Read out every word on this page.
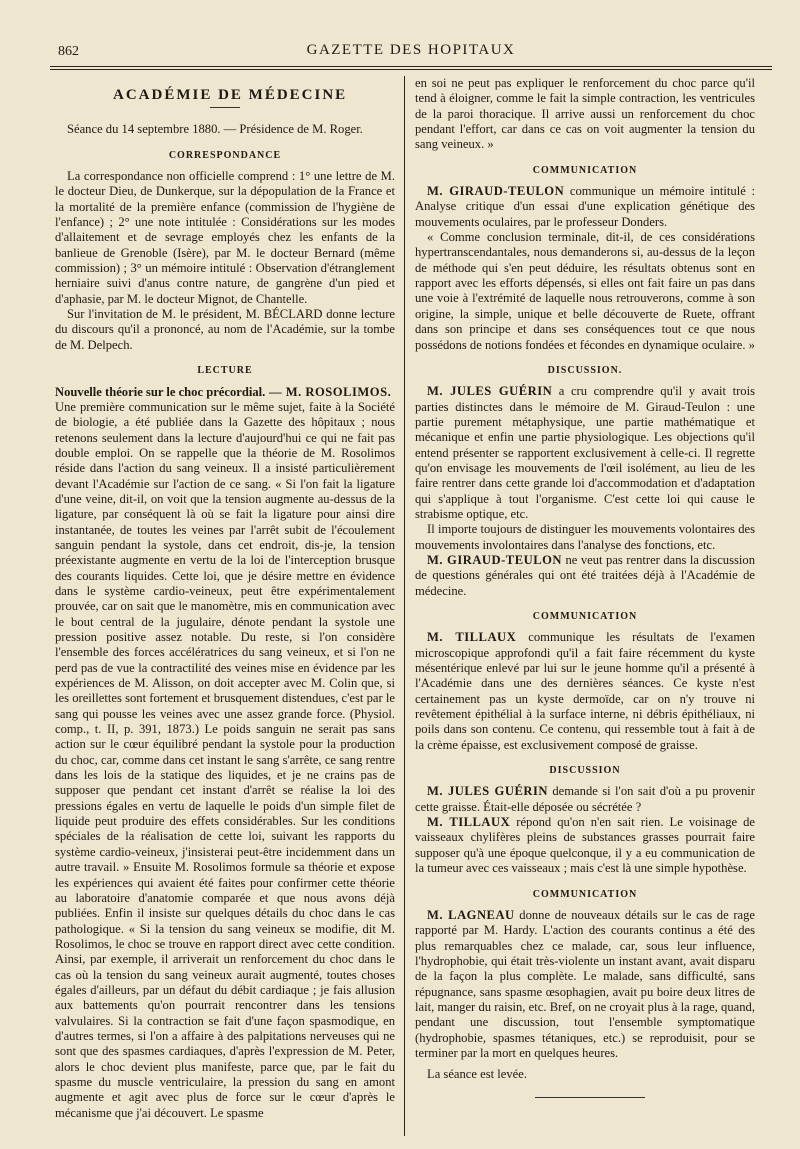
862	GAZETTE DES HOPITAUX
ACADÉMIE DE MÉDECINE

Séance du 14 septembre 1880. — Présidence de M. Roger.

CORRESPONDANCE

La correspondance non officielle comprend : 1° une lettre de M. le docteur Dieu, de Dunkerque, sur la dépopulation de la France et la mortalité de la première enfance (commission de l'hygiène de l'enfance) ; 2° une note intitulée : Considérations sur les modes d'allaitement et de sevrage employés chez les enfants de la banlieue de Grenoble (Isère), par M. le docteur Bernard (même commission) ; 3° un mémoire intitulé : Observation d'étranglement herniaire suivi d'anus contre nature, de gangrène d'un pied et d'aphasie, par M. le docteur Mignot, de Chantelle.

Sur l'invitation de M. le président, M. BÉCLARD donne lecture du discours qu'il a prononcé, au nom de l'Académie, sur la tombe de M. Delpech.

LECTURE

Nouvelle théorie sur le choc précordial. — M. ROSOLIMOS.

Une première communication sur le même sujet, faite à la Société de biologie, a été publiée dans la Gazette des hôpitaux ; nous retenons seulement dans la lecture d'aujourd'hui ce qui ne fait pas double emploi. On se rappelle que la théorie de M. Rosolimos réside dans l'action du sang veineux. Il a insisté particulièrement devant l'Académie sur l'action de ce sang. « Si l'on fait la ligature d'une veine, dit-il, on voit que la tension augmente au-dessus de la ligature, par conséquent là où se fait la ligature pour ainsi dire instantanée, de toutes les veines par l'arrêt subit de l'écoulement sanguin pendant la systole, dans cet endroit, dis-je, la tension préexistante augmente en vertu de la loi de l'interception brusque des courants liquides. Cette loi, que je désire mettre en évidence dans le système cardio-veineux, peut être expérimentalement prouvée, car on sait que le manomètre, mis en communication avec le bout central de la jugulaire, dénote pendant la systole une pression positive assez notable. Du reste, si l'on considère l'ensemble des forces accélératrices du sang veineux, et si l'on ne perd pas de vue la contractilité des veines mise en évidence par les expériences de M. Alisson, on doit accepter avec M. Colin que, si les oreillettes sont fortement et brusquement distendues, c'est par le sang qui pousse les veines avec une assez grande force. (Physiol. comp., t. II, p. 391, 1873.) Le poids sanguin ne serait pas sans action sur le cœur équilibré pendant la systole pour la production du choc, car, comme dans cet instant le sang s'arrête, ce sang rentre dans les lois de la statique des liquides, et je ne crains pas de supposer que pendant cet instant d'arrêt se réalise la loi des pressions égales en vertu de laquelle le poids d'un simple filet de liquide peut produire des effets considérables. Sur les conditions spéciales de la réalisation de cette loi, suivant les rapports du système cardio-veineux, j'insisterai peut-être incidemment dans un autre travail. » Ensuite M. Rosolimos formule sa théorie et expose les expériences qui avaient été faites pour confirmer cette théorie au laboratoire d'anatomie comparée et que nous avons déjà publiées. Enfin il insiste sur quelques détails du choc dans le cas pathologique. « Si la tension du sang veineux se modifie, dit M. Rosolimos, le choc se trouve en rapport direct avec cette condition. Ainsi, par exemple, il arriverait un renforcement du choc dans le cas où la tension du sang veineux aurait augmenté, toutes choses égales d'ailleurs, par un défaut du débit cardiaque ; je fais allusion aux battements qu'on pourrait rencontrer dans les tensions valvulaires. Si la contraction se fait d'une façon spasmodique, en d'autres termes, si l'on a affaire à des palpitations nerveuses qui ne sont que des spasmes cardiaques, d'après l'expression de M. Peter, alors le choc devient plus manifeste, parce que, par le fait du spasme du muscle ventriculaire, la pression du sang en amont augmente et agit avec plus de force sur le cœur d'après le mécanisme que j'ai découvert. Le spasme

en soi ne peut pas expliquer le renforcement du choc parce qu'il tend à éloigner, comme le fait la simple contraction, les ventricules de la paroi thoracique. Il arrive aussi un renforcement du choc pendant l'effort, car dans ce cas on voit augmenter la tension du sang veineux. »

COMMUNICATION

M. GIRAUD-TEULON communique un mémoire intitulé : Analyse critique d'un essai d'une explication génétique des mouvements oculaires, par le professeur Donders.

« Comme conclusion terminale, dit-il, de ces considérations hypertranscendantales, nous demanderons si, au-dessus de la leçon de méthode qui s'en peut déduire, les résultats obtenus sont en rapport avec les efforts dépensés, si elles ont fait faire un pas dans une voie à l'extrémité de laquelle nous retrouverons, comme à son origine, la simple, unique et belle découverte de Ruete, offrant dans son principe et dans ses conséquences tout ce que nous possédons de notions fondées et fécondes en dynamique oculaire. »

DISCUSSION.

M. JULES GUÉRIN a cru comprendre qu'il y avait trois parties distinctes dans le mémoire de M. Giraud-Teulon : une partie purement métaphysique, une partie mathématique et mécanique et enfin une partie physiologique. Les objections qu'il entend présenter se rapportent exclusivement à celle-ci. Il regrette qu'on envisage les mouvements de l'œil isolément, au lieu de les faire rentrer dans cette grande loi d'accommodation et d'adaptation qui s'applique à tout l'organisme. C'est cette loi qui cause le strabisme optique, etc.

Il importe toujours de distinguer les mouvements volontaires des mouvements involontaires dans l'analyse des fonctions, etc.

M. GIRAUD-TEULON ne veut pas rentrer dans la discussion de questions générales qui ont été traitées déjà à l'Académie de médecine.

COMMUNICATION

M. TILLAUX communique les résultats de l'examen microscopique approfondi qu'il a fait faire récemment du kyste mésentérique enlevé par lui sur le jeune homme qu'il a présenté à l'Académie dans une des dernières séances. Ce kyste n'est certainement pas un kyste dermoïde, car on n'y trouve ni revêtement épithélial à la surface interne, ni débris épithéliaux, ni poils dans son contenu. Ce contenu, qui ressemble tout à fait à de la crème épaisse, est exclusivement composé de graisse.

DISCUSSION

M. JULES GUÉRIN demande si l'on sait d'où a pu provenir cette graisse. Était-elle déposée ou sécrétée ?

M. TILLAUX répond qu'on n'en sait rien. Le voisinage de vaisseaux chylifères pleins de substances grasses pourrait faire supposer qu'à une époque quelconque, il y a eu communication de la tumeur avec ces vaisseaux ; mais c'est là une simple hypothèse.

COMMUNICATION

M. LAGNEAU donne de nouveaux détails sur le cas de rage rapporté par M. Hardy. L'action des courants continus a été des plus remarquables chez ce malade, car, sous leur influence, l'hydrophobie, qui était très-violente un instant avant, avait disparu de la façon la plus complète. Le malade, sans difficulté, sans répugnance, sans spasme œsophagien, avait pu boire deux litres de lait, manger du raisin, etc. Bref, on ne croyait plus à la rage, quand, pendant une discussion, tout l'ensemble symptomatique (hydrophobie, spasmes tétaniques, etc.) se reproduisit, pour se terminer par la mort en quelques heures.

La séance est levée.
